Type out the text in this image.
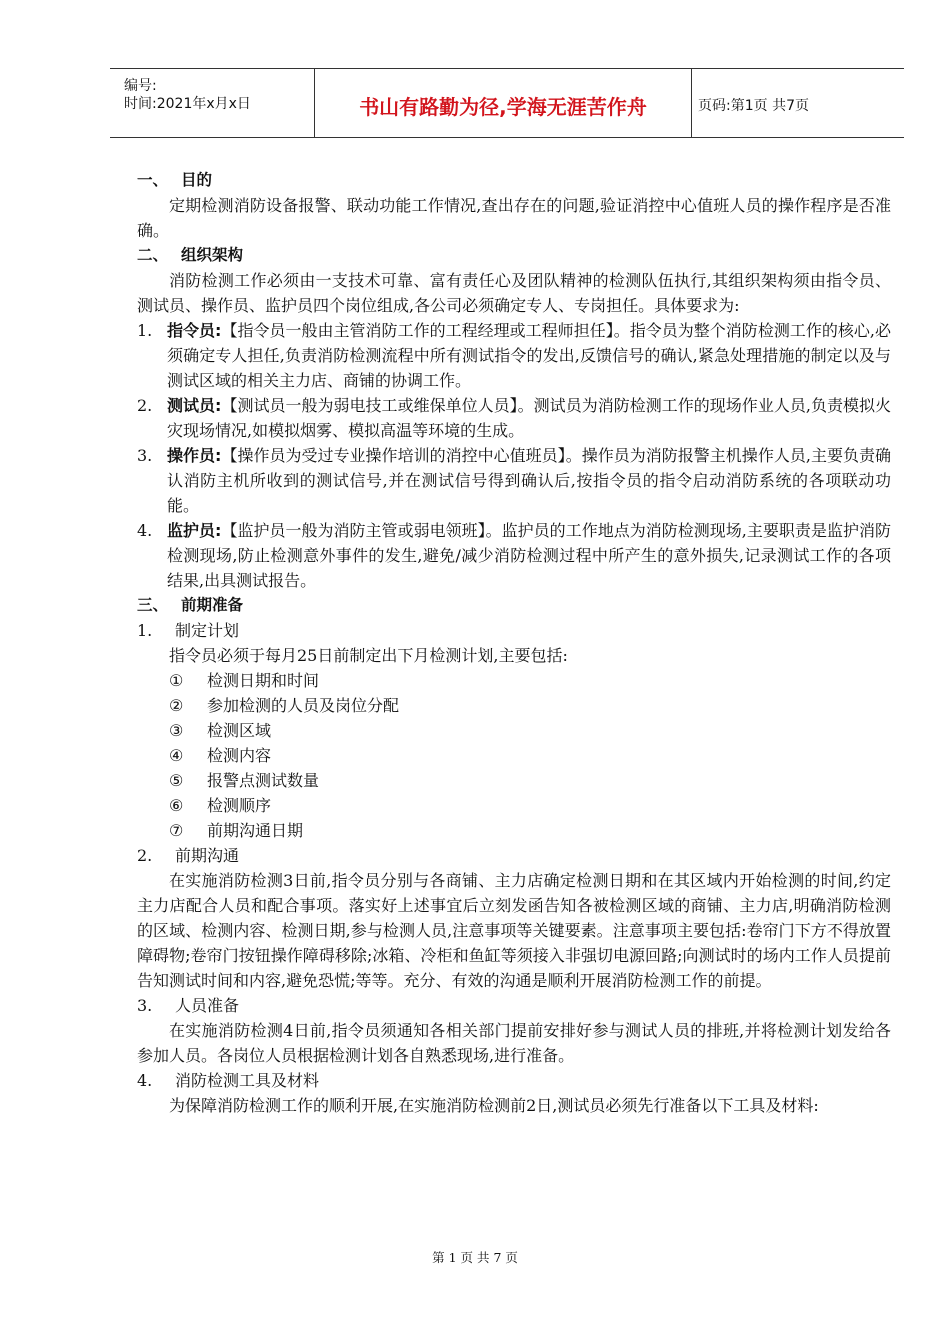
编号:
时间:2021年x月x日	书山有路勤为径,学海无涯苦作舟	页码:第1页 共7页
一、 目的

定期检测消防设备报警、联动功能工作情况,查出存在的问题,验证消控中心值班人员的操作程序是否准确。

二、 组织架构

消防检测工作必须由一支技术可靠、富有责任心及团队精神的检测队伍执行,其组织架构须由指令员、测试员、操作员、监护员四个岗位组成,各公司必须确定专人、专岗担任。具体要求为:

1. 指令员:【指令员一般由主管消防工作的工程经理或工程师担任】。指令员为整个消防检测工作的核心,必须确定专人担任,负责消防检测流程中所有测试指令的发出,反馈信号的确认,紧急处理措施的制定以及与测试区域的相关主力店、商铺的协调工作。
2. 测试员:【测试员一般为弱电技工或维保单位人员】。测试员为消防检测工作的现场作业人员,负责模拟火灾现场情况,如模拟烟雾、模拟高温等环境的生成。
3. 操作员:【操作员为受过专业操作培训的消控中心值班员】。操作员为消防报警主机操作人员,主要负责确认消防主机所收到的测试信号,并在测试信号得到确认后,按指令员的指令启动消防系统的各项联动功能。
4. 监护员:【监护员一般为消防主管或弱电领班】。监护员的工作地点为消防检测现场,主要职责是监护消防检测现场,防止检测意外事件的发生,避免/减少消防检测过程中所产生的意外损失,记录测试工作的各项结果,出具测试报告。
三、 前期准备
1. 制定计划

指令员必须于每月25日前制定出下月检测计划,主要包括:

① 检测日期和时间
② 参加检测的人员及岗位分配
③ 检测区域
④ 检测内容
⑤ 报警点测试数量
⑥ 检测顺序
⑦ 前期沟通日期
2. 前期沟通

在实施消防检测3日前,指令员分别与各商铺、主力店确定检测日期和在其区域内开始检测的时间,约定主力店配合人员和配合事项。落实好上述事宜后立刻发函告知各被检测区域的商铺、主力店,明确消防检测的区域、检测内容、检测日期,参与检测人员,注意事项等关键要素。注意事项主要包括:卷帘门下方不得放置障碍物;卷帘门按钮操作障碍移除;冰箱、冷柜和鱼缸等须接入非强切电源回路;向测试时的场内工作人员提前告知测试时间和内容,避免恐慌;等等。充分、有效的沟通是顺利开展消防检测工作的前提。

3. 人员准备

在实施消防检测4日前,指令员须通知各相关部门提前安排好参与测试人员的排班,并将检测计划发给各参加人员。各岗位人员根据检测计划各自熟悉现场,进行准备。

4. 消防检测工具及材料

为保障消防检测工作的顺利开展,在实施消防检测前2日,测试员必须先行准备以下工具及材料:

第 1 页 共 7 页
